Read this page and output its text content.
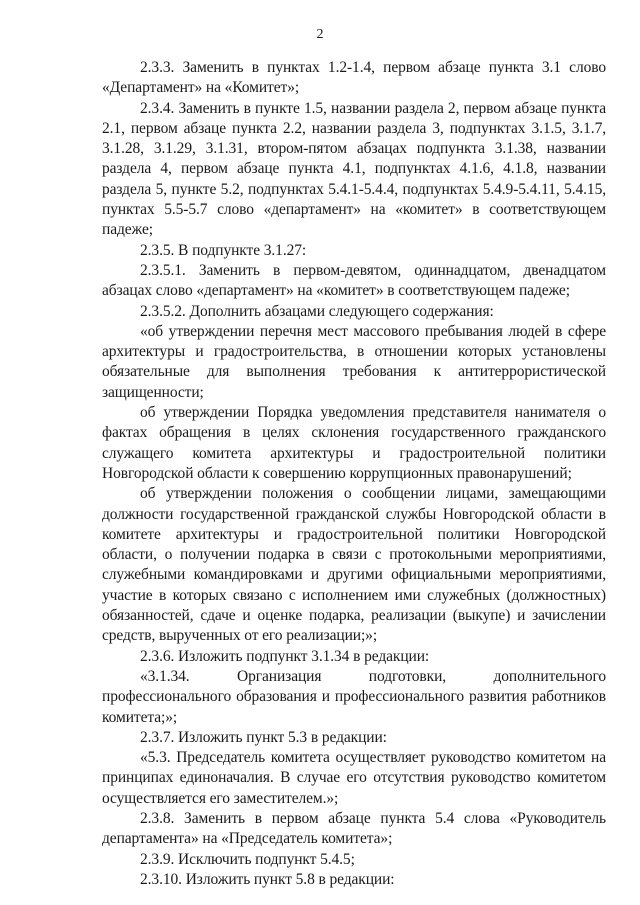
2

2.3.3. Заменить в пунктах 1.2-1.4, первом абзаце пункта 3.1 слово «Департамент» на «Комитет»;

2.3.4. Заменить в пункте 1.5, названии раздела 2, первом абзаце пункта 2.1, первом абзаце пункта 2.2, названии раздела 3, подпунктах 3.1.5, 3.1.7, 3.1.28, 3.1.29, 3.1.31, втором-пятом абзацах подпункта 3.1.38, названии раздела 4, первом абзаце пункта 4.1, подпунктах 4.1.6, 4.1.8, названии раздела 5, пункте 5.2, подпунктах 5.4.1-5.4.4, подпунктах 5.4.9-5.4.11, 5.4.15, пунктах 5.5-5.7 слово «департамент» на «комитет» в соответствующем падеже;

2.3.5. В подпункте 3.1.27:

2.3.5.1. Заменить в первом-девятом, одиннадцатом, двенадцатом абзацах слово «департамент» на «комитет» в соответствующем падеже;

2.3.5.2. Дополнить абзацами следующего содержания:

«об утверждении перечня мест массового пребывания людей в сфере архитектуры и градостроительства, в отношении которых установлены обязательные для выполнения требования к антитеррористической защищенности;

об утверждении Порядка уведомления представителя нанимателя о фактах обращения в целях склонения государственного гражданского служащего комитета архитектуры и градостроительной политики Новгородской области к совершению коррупционных правонарушений;

об утверждении положения о сообщении лицами, замещающими должности государственной гражданской службы Новгородской области в комитете архитектуры и градостроительной политики Новгородской области, о получении подарка в связи с протокольными мероприятиями, служебными командировками и другими официальными мероприятиями, участие в которых связано с исполнением ими служебных (должностных) обязанностей, сдаче и оценке подарка, реализации (выкупе) и зачислении средств, вырученных от его реализации;»;

2.3.6. Изложить подпункт 3.1.34 в редакции:

«3.1.34. Организация подготовки, дополнительного профессионального образования и профессионального развития работников комитета;»;

2.3.7. Изложить пункт 5.3 в редакции:

«5.3. Председатель комитета осуществляет руководство комитетом на принципах единоначалия. В случае его отсутствия руководство комитетом осуществляется его заместителем.»;

2.3.8. Заменить в первом абзаце пункта 5.4 слова «Руководитель департамента» на «Председатель комитета»;

2.3.9. Исключить подпункт 5.4.5;

2.3.10. Изложить пункт 5.8 в редакции:
